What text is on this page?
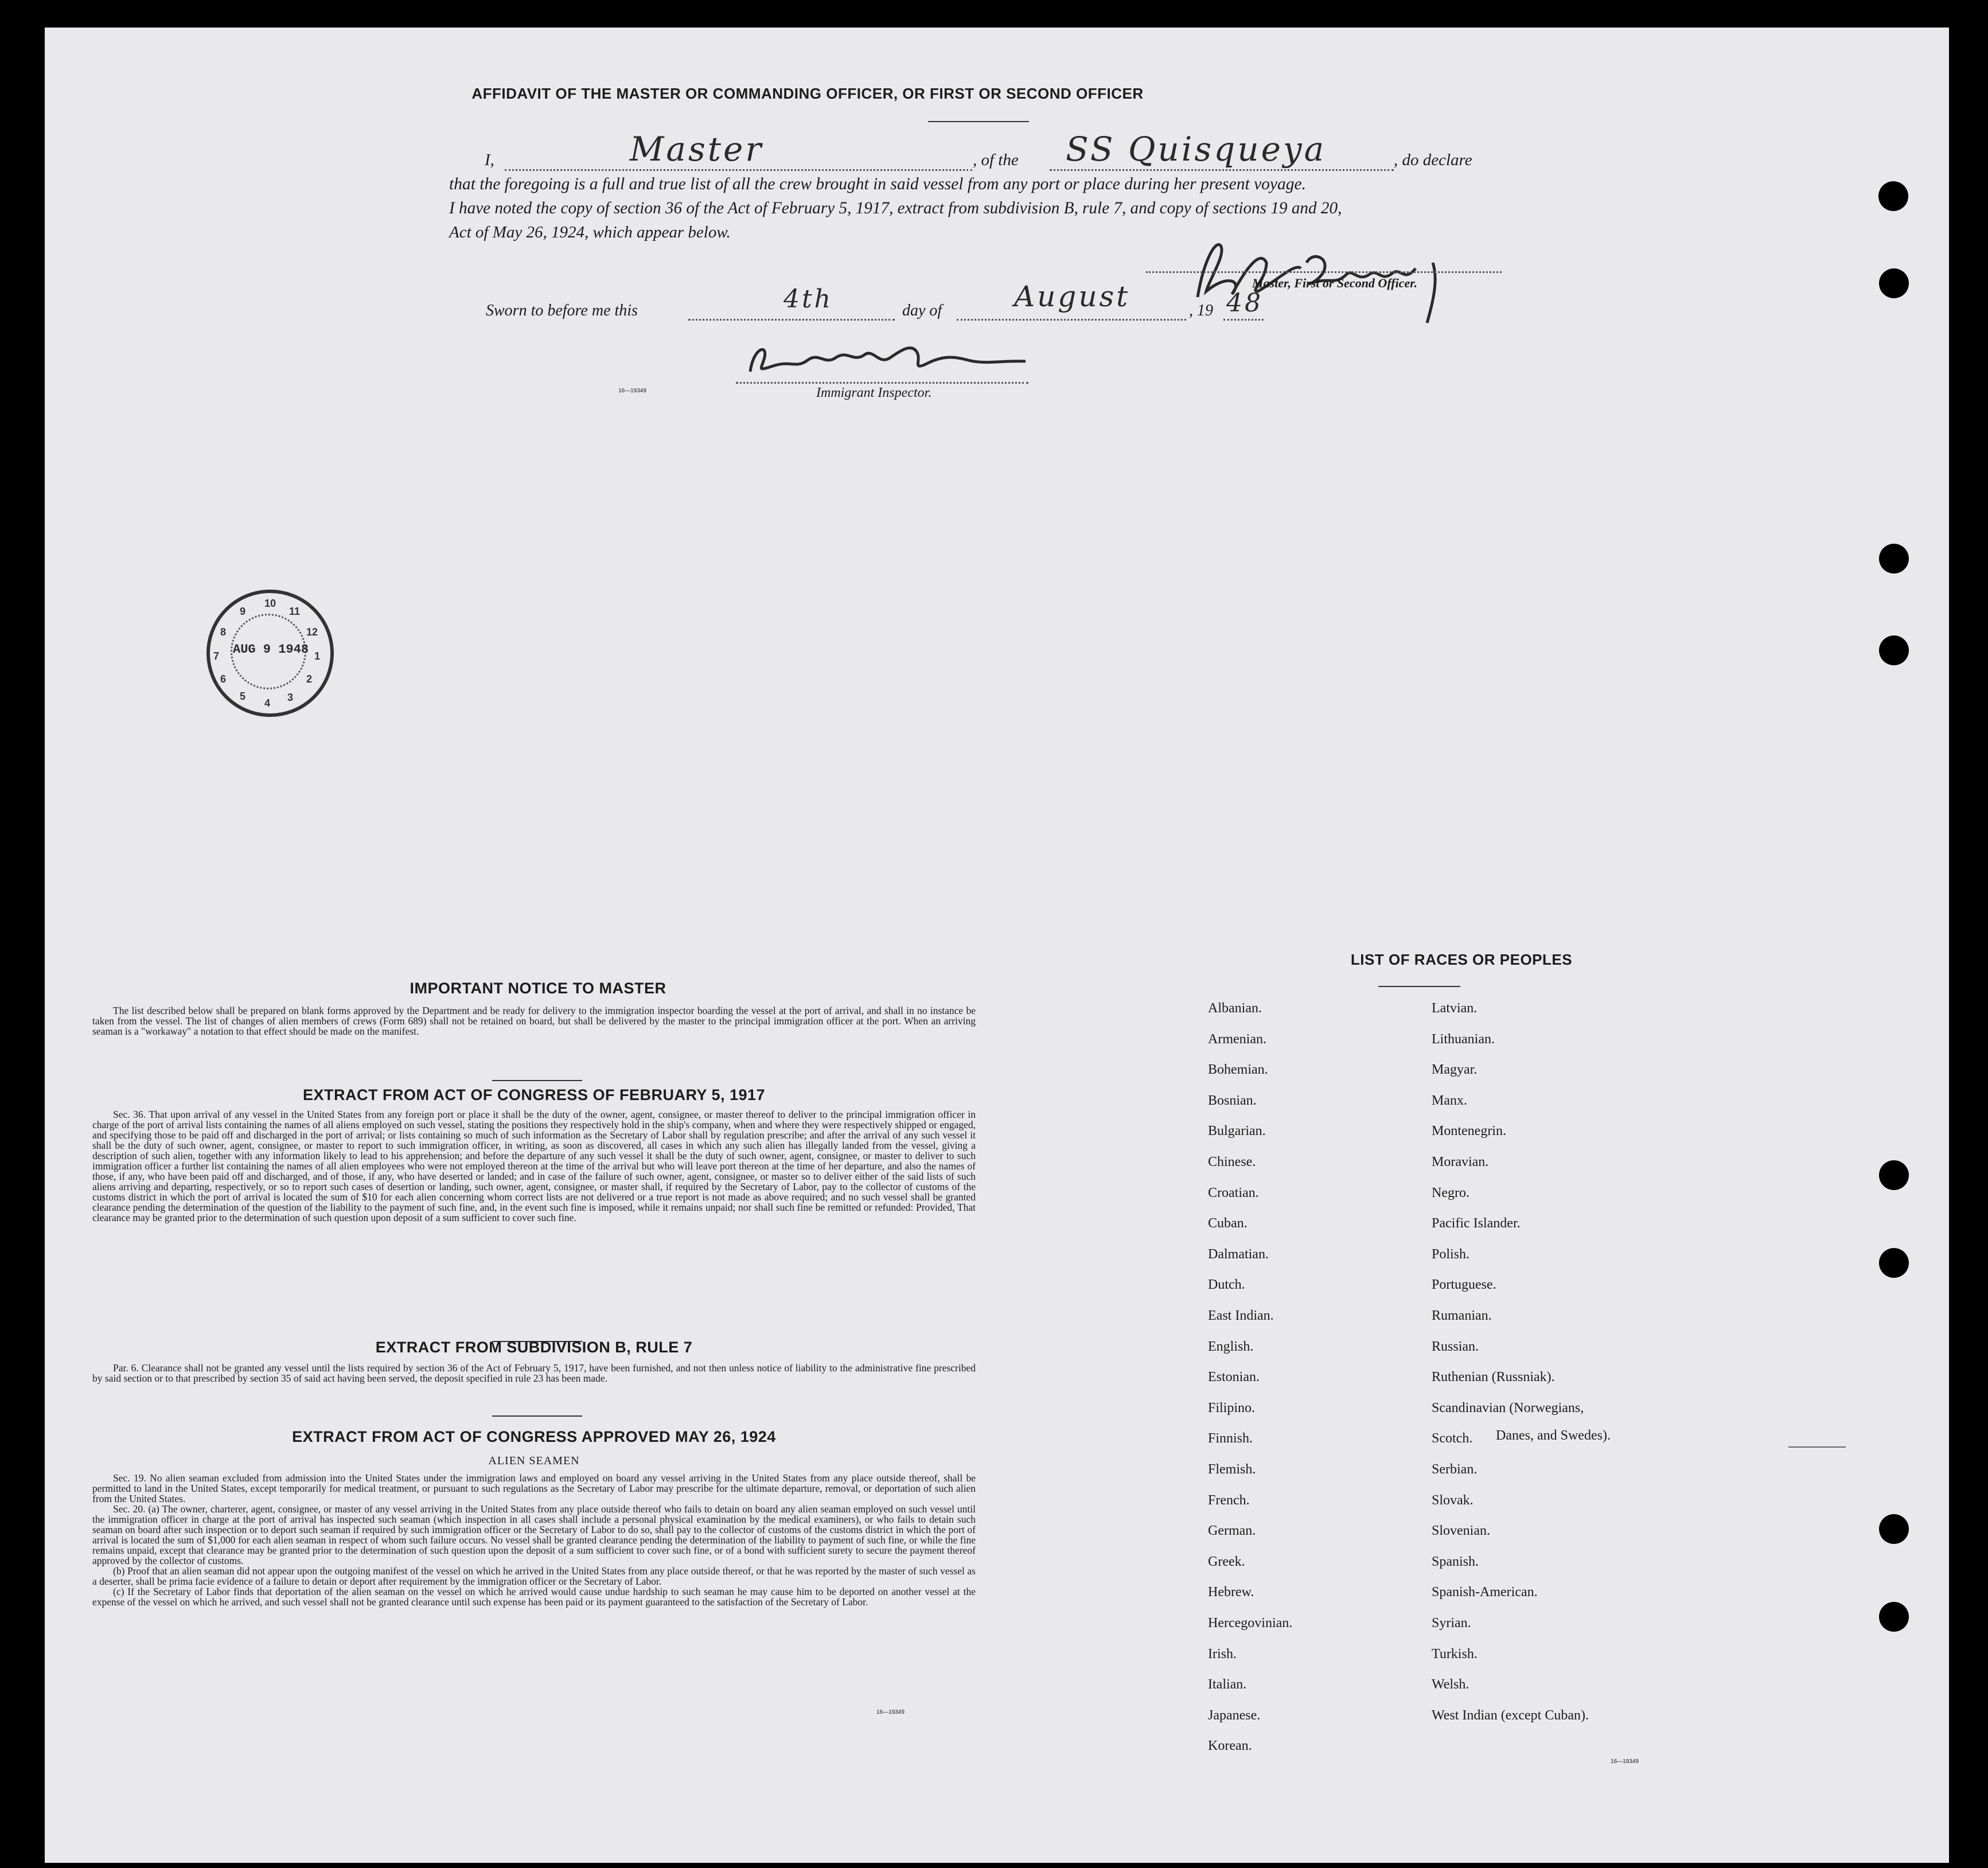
AFFIDAVIT OF THE MASTER OR COMMANDING OFFICER, OR FIRST OR SECOND OFFICER
I,	Master	, of the SS Quisqueya	, do declare
that the foregoing is a full and true list of all the crew brought in said vessel from any port or place during her present voyage.
I have noted the copy of section 36 of the Act of February 5, 1917, extract from subdivision B, rule 7, and copy of sections 19 and 20,
Act of May 26, 1924, which appear below.
Master, First or Second Officer.
Sworn to before me this	4th	day of	August	, 19 48
16—19349	Immigrant Inspector.
10
11
12
1
2
3
4
5
6
7
8
9
AUG 9 1948
IMPORTANT NOTICE TO MASTER

The list described below shall be prepared on blank forms approved by the Department and be ready for delivery to the immigration inspector boarding the vessel at the port of arrival, and shall in no instance be taken from the vessel. The list of changes of alien members of crews (Form 689) shall not be retained on board, but shall be delivered by the master to the principal immigration officer at the port. When an arriving seaman is a "workaway" a notation to that effect should be made on the manifest.

EXTRACT FROM ACT OF CONGRESS OF FEBRUARY 5, 1917

Sec. 36. That upon arrival of any vessel in the United States from any foreign port or place it shall be the duty of the owner, agent, consignee, or master thereof to deliver to the principal immigration officer in charge of the port of arrival lists containing the names of all aliens employed on such vessel, stating the positions they respectively hold in the ship's company, when and where they were respectively shipped or engaged, and specifying those to be paid off and discharged in the port of arrival; or lists containing so much of such information as the Secretary of Labor shall by regulation prescribe; and after the arrival of any such vessel it shall be the duty of such owner, agent, consignee, or master to report to such immigration officer, in writing, as soon as discovered, all cases in which any such alien has illegally landed from the vessel, giving a description of such alien, together with any information likely to lead to his apprehension; and before the departure of any such vessel it shall be the duty of such owner, agent, consignee, or master to deliver to such immigration officer a further list containing the names of all alien employees who were not employed thereon at the time of the arrival but who will leave port thereon at the time of her departure, and also the names of those, if any, who have been paid off and discharged, and of those, if any, who have deserted or landed; and in case of the failure of such owner, agent, consignee, or master so to deliver either of the said lists of such aliens arriving and departing, respectively, or so to report such cases of desertion or landing, such owner, agent, consignee, or master shall, if required by the Secretary of Labor, pay to the collector of customs of the customs district in which the port of arrival is located the sum of $10 for each alien concerning whom correct lists are not delivered or a true report is not made as above required; and no such vessel shall be granted clearance pending the determination of the question of the liability to the payment of such fine, and, in the event such fine is imposed, while it remains unpaid; nor shall such fine be remitted or refunded: Provided, That clearance may be granted prior to the determination of such question upon deposit of a sum sufficient to cover such fine.

EXTRACT FROM SUBDIVISION B, RULE 7

Par. 6. Clearance shall not be granted any vessel until the lists required by section 36 of the Act of February 5, 1917, have been furnished, and not then unless notice of liability to the administrative fine prescribed by said section or to that prescribed by section 35 of said act having been served, the deposit specified in rule 23 has been made.

EXTRACT FROM ACT OF CONGRESS APPROVED MAY 26, 1924
ALIEN SEAMEN

Sec. 19. No alien seaman excluded from admission into the United States under the immigration laws and employed on board any vessel arriving in the United States from any place outside thereof, shall be permitted to land in the United States, except temporarily for medical treatment, or pursuant to such regulations as the Secretary of Labor may prescribe for the ultimate departure, removal, or deportation of such alien from the United States.

Sec. 20. (a) The owner, charterer, agent, consignee, or master of any vessel arriving in the United States from any place outside thereof who fails to detain on board any alien seaman employed on such vessel until the immigration officer in charge at the port of arrival has inspected such seaman (which inspection in all cases shall include a personal physical examination by the medical examiners), or who fails to detain such seaman on board after such inspection or to deport such seaman if required by such immigration officer or the Secretary of Labor to do so, shall pay to the collector of customs of the customs district in which the port of arrival is located the sum of $1,000 for each alien seaman in respect of whom such failure occurs. No vessel shall be granted clearance pending the determination of the liability to payment of such fine, or while the fine remains unpaid, except that clearance may be granted prior to the determination of such question upon the deposit of a sum sufficient to cover such fine, or of a bond with sufficient surety to secure the payment thereof approved by the collector of customs.

(b) Proof that an alien seaman did not appear upon the outgoing manifest of the vessel on which he arrived in the United States from any place outside thereof, or that he was reported by the master of such vessel as a deserter, shall be prima facie evidence of a failure to detain or deport after requirement by the immigration officer or the Secretary of Labor.

(c) If the Secretary of Labor finds that deportation of the alien seaman on the vessel on which he arrived would cause undue hardship to such seaman he may cause him to be deported on another vessel at the expense of the vessel on which he arrived, and such vessel shall not be granted clearance until such expense has been paid or its payment guaranteed to the satisfaction of the Secretary of Labor.

16—19349
LIST OF RACES OR PEOPLES
Danes, and Swedes).
16—19349
Albanian.
Armenian.
Bohemian.
Bosnian.
Bulgarian.
Chinese.
Croatian.
Cuban.
Dalmatian.
Dutch.
East Indian.
English.
Estonian.
Filipino.
Finnish.
Flemish.
French.
German.
Greek.
Hebrew.
Hercegovinian.
Irish.
Italian.
Japanese.
Korean.
Latvian.
Lithuanian.
Magyar.
Manx.
Montenegrin.
Moravian.
Negro.
Pacific Islander.
Polish.
Portuguese.
Rumanian.
Russian.
Ruthenian (Russniak).
Scandinavian (Norwegians,
Scotch.
Serbian.
Slovak.
Slovenian.
Spanish.
Spanish-American.
Syrian.
Turkish.
Welsh.
West Indian (except Cuban).
